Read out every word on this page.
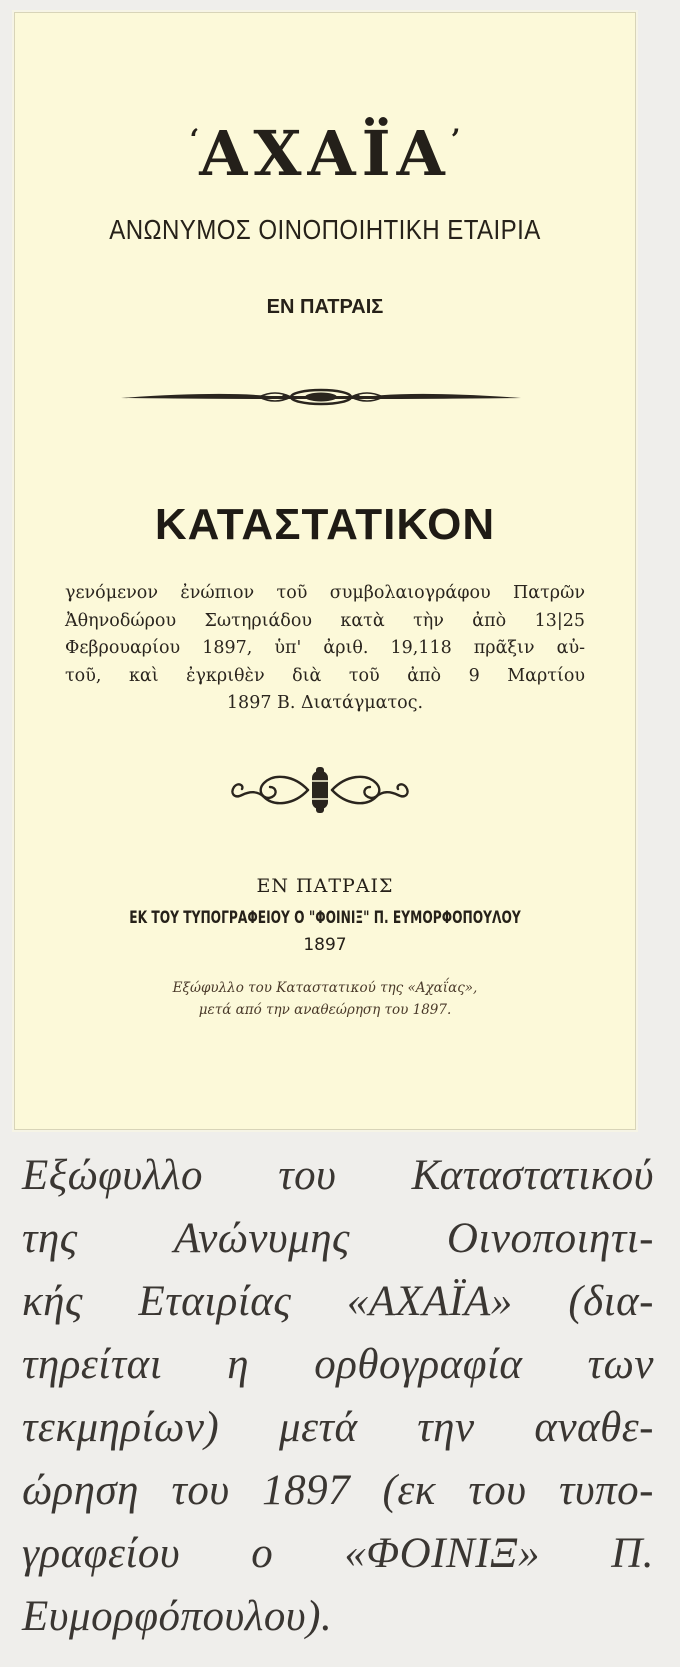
‘ΑΧΑΪΑ’
ΑΝΩΝΥΜΟΣ ΟΙΝΟΠΟΙΗΤΙΚΗ ΕΤΑΙΡΙΑ
ΕΝ ΠΑΤΡΑΙΣ
ΚΑΤΑΣΤΑΤΙΚΟΝ
γενόμενον ἐνώπιον τοῦ συμβολαιογράφου Πατρῶν
Ἀθηνοδώρου Σωτηριάδου κατὰ τὴν ἀπὸ 13|25
Φεβρουαρίου 1897, ὑπ' ἀριθ. 19,118 πρᾶξιν αὐ-
τοῦ, καὶ ἐγκριθὲν διὰ τοῦ ἀπὸ 9 Μαρτίου
1897 Β. Διατάγματος.
ΕΝ ΠΑΤΡΑΙΣ
ΕΚ ΤΟΥ ΤΥΠΟΓΡΑΦΕΙΟΥ Ο "ΦΟΙΝΙΞ" Π. ΕΥΜΟΡΦΟΠΟΥΛΟΥ
1897
Εξώφυλλο του Καταστατικού της «Αχαΐας»,
μετά από την αναθεώρηση του 1897.
Εξώφυλλο του Καταστατικού
της Ανώνυμης Οινοποιητι-
κής Εταιρίας «ΑΧΑΪΑ» (δια-
τηρείται η ορθογραφία των
τεκμηρίων) μετά την αναθε-
ώρηση του 1897 (εκ του τυπο-
γραφείου ο «ΦΟΙΝΙΞ» Π.
Ευμορφόπουλου).
